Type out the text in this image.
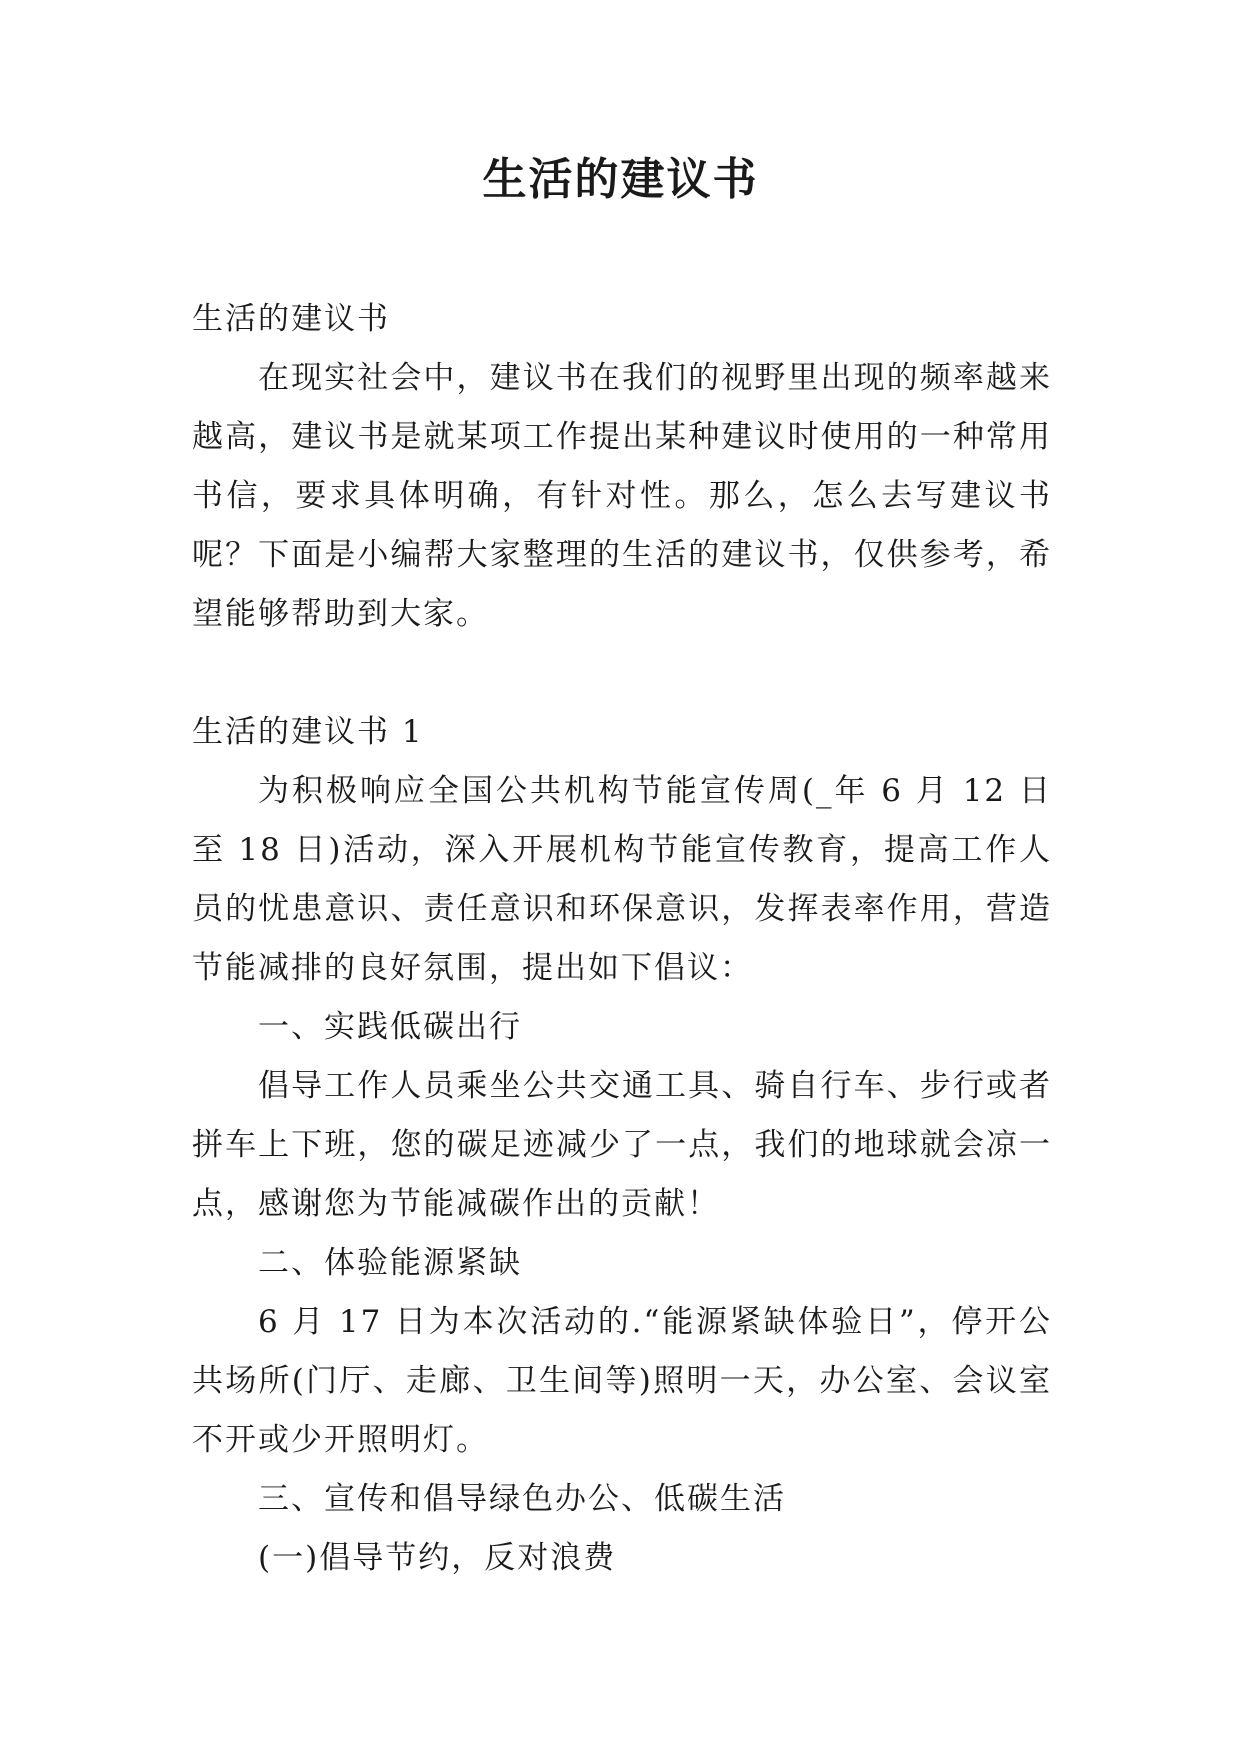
生活的建议书

生活的建议书

在现实社会中，建议书在我们的视野里出现的频率越来越高，建议书是就某项工作提出某种建议时使用的一种常用书信，要求具体明确，有针对性。那么，怎么去写建议书呢？下面是小编帮大家整理的生活的建议书，仅供参考，希望能够帮助到大家。

生活的建议书 1

为积极响应全国公共机构节能宣传周(_年 6 月 12 日至 18 日)活动，深入开展机构节能宣传教育，提高工作人员的忧患意识、责任意识和环保意识，发挥表率作用，营造节能减排的良好氛围，提出如下倡议：

一、实践低碳出行

倡导工作人员乘坐公共交通工具、骑自行车、步行或者拼车上下班，您的碳足迹减少了一点，我们的地球就会凉一点，感谢您为节能减碳作出的贡献！

二、体验能源紧缺

6 月 17 日为本次活动的.“能源紧缺体验日”，停开公共场所(门厅、走廊、卫生间等)照明一天，办公室、会议室不开或少开照明灯。

三、宣传和倡导绿色办公、低碳生活

(一)倡导节约，反对浪费
